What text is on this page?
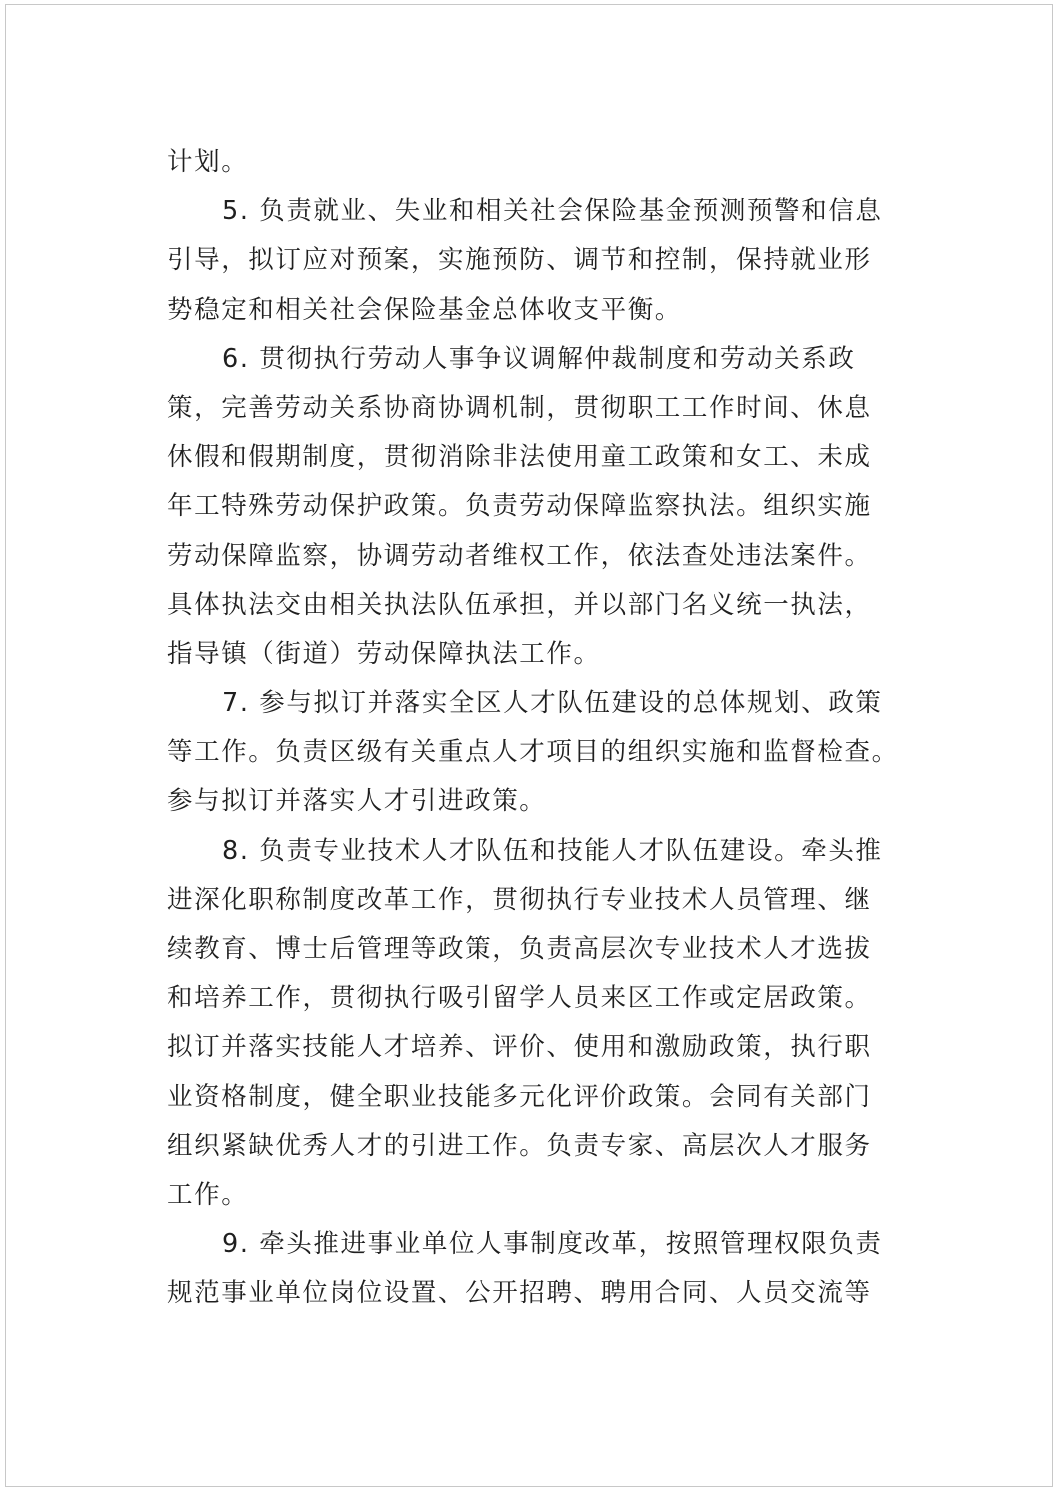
计划。
5. 负责就业、失业和相关社会保险基金预测预警和信息
引导，拟订应对预案，实施预防、调节和控制，保持就业形
势稳定和相关社会保险基金总体收支平衡。
6. 贯彻执行劳动人事争议调解仲裁制度和劳动关系政
策，完善劳动关系协商协调机制，贯彻职工工作时间、休息
休假和假期制度，贯彻消除非法使用童工政策和女工、未成
年工特殊劳动保护政策。负责劳动保障监察执法。组织实施
劳动保障监察，协调劳动者维权工作，依法查处违法案件。
具体执法交由相关执法队伍承担，并以部门名义统一执法，
指导镇（街道）劳动保障执法工作。
7. 参与拟订并落实全区人才队伍建设的总体规划、政策
等工作。负责区级有关重点人才项目的组织实施和监督检查。
参与拟订并落实人才引进政策。
8. 负责专业技术人才队伍和技能人才队伍建设。牵头推
进深化职称制度改革工作，贯彻执行专业技术人员管理、继
续教育、博士后管理等政策，负责高层次专业技术人才选拔
和培养工作，贯彻执行吸引留学人员来区工作或定居政策。
拟订并落实技能人才培养、评价、使用和激励政策，执行职
业资格制度，健全职业技能多元化评价政策。会同有关部门
组织紧缺优秀人才的引进工作。负责专家、高层次人才服务
工作。
9. 牵头推进事业单位人事制度改革，按照管理权限负责
规范事业单位岗位设置、公开招聘、聘用合同、人员交流等
